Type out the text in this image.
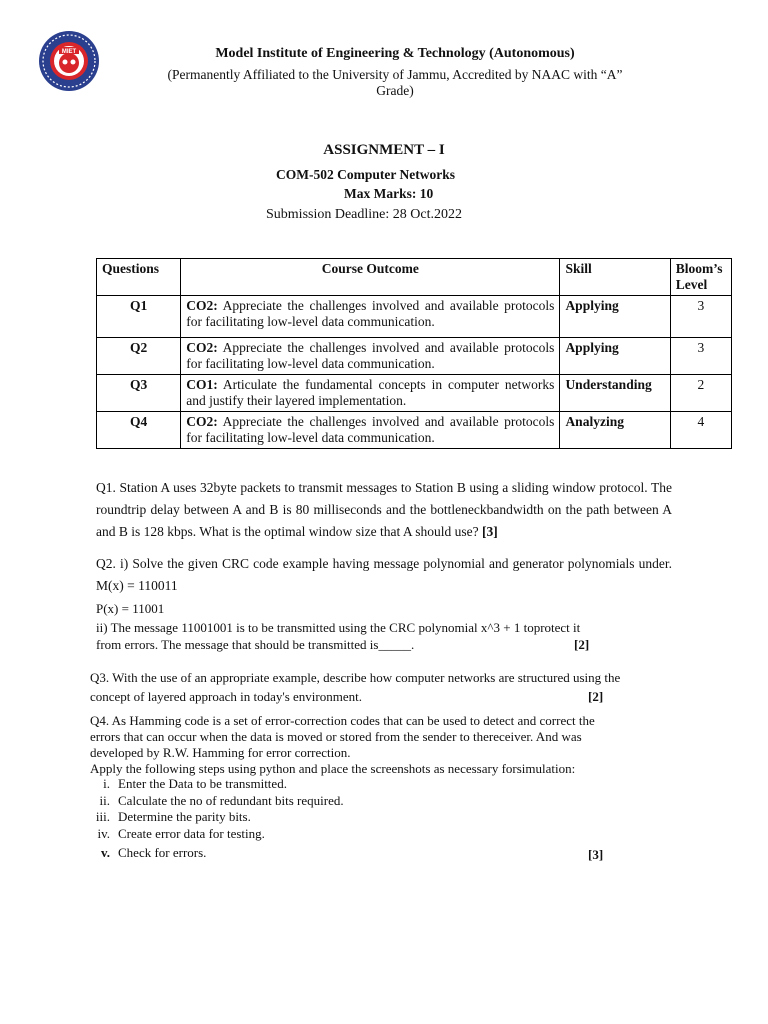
MIET	Model Institute of Engineering & Technology (Autonomous)
(Permanently Affiliated to the University of Jammu, Accredited by NAAC with “A”
Grade)
ASSIGNMENT – I
COM-502 Computer Networks
Max Marks: 10
Submission Deadline: 28 Oct.2022
Questions	Course Outcome	Skill	Bloom’s Level
Q1	CO2: Appreciate the challenges involved and available protocols for facilitating low-level data communication.	Applying	3
Q2	CO2: Appreciate the challenges involved and available protocols for facilitating low-level data communication.	Applying	3
Q3	CO1: Articulate the fundamental concepts in computer networks and justify their layered implementation.	Understanding	2
Q4	CO2: Appreciate the challenges involved and available protocols for facilitating low-level data communication.	Analyzing	4
Q1. Station A uses 32byte packets to transmit messages to Station B using a sliding window protocol. The roundtrip delay between A and B is 80 milliseconds and the bottleneckbandwidth on the path between A and B is 128 kbps. What is the optimal window size that A should use? [3]
Q2. i) Solve the given CRC code example having message polynomial and generator polynomials under. M(x) = 110011
P(x) = 11001
ii) The message 11001001 is to be transmitted using the CRC polynomial x^3 + 1 toprotect it
from errors. The message that should be transmitted is_____.	[2]
Q3. With the use of an appropriate example, describe how computer networks are structured using the
concept of layered approach in today's environment.	[2]
Q4. As Hamming code is a set of error-correction codes that can be used to detect and correct the
errors that can occur when the data is moved or stored from the sender to thereceiver. And was
developed by R.W. Hamming for error correction.
Apply the following steps using python and place the screenshots as necessary forsimulation:
i. Enter the Data to be transmitted.
ii. Calculate the no of redundant bits required.
iii. Determine the parity bits.
iv. Create error data for testing.
v. Check for errors.	[3]
